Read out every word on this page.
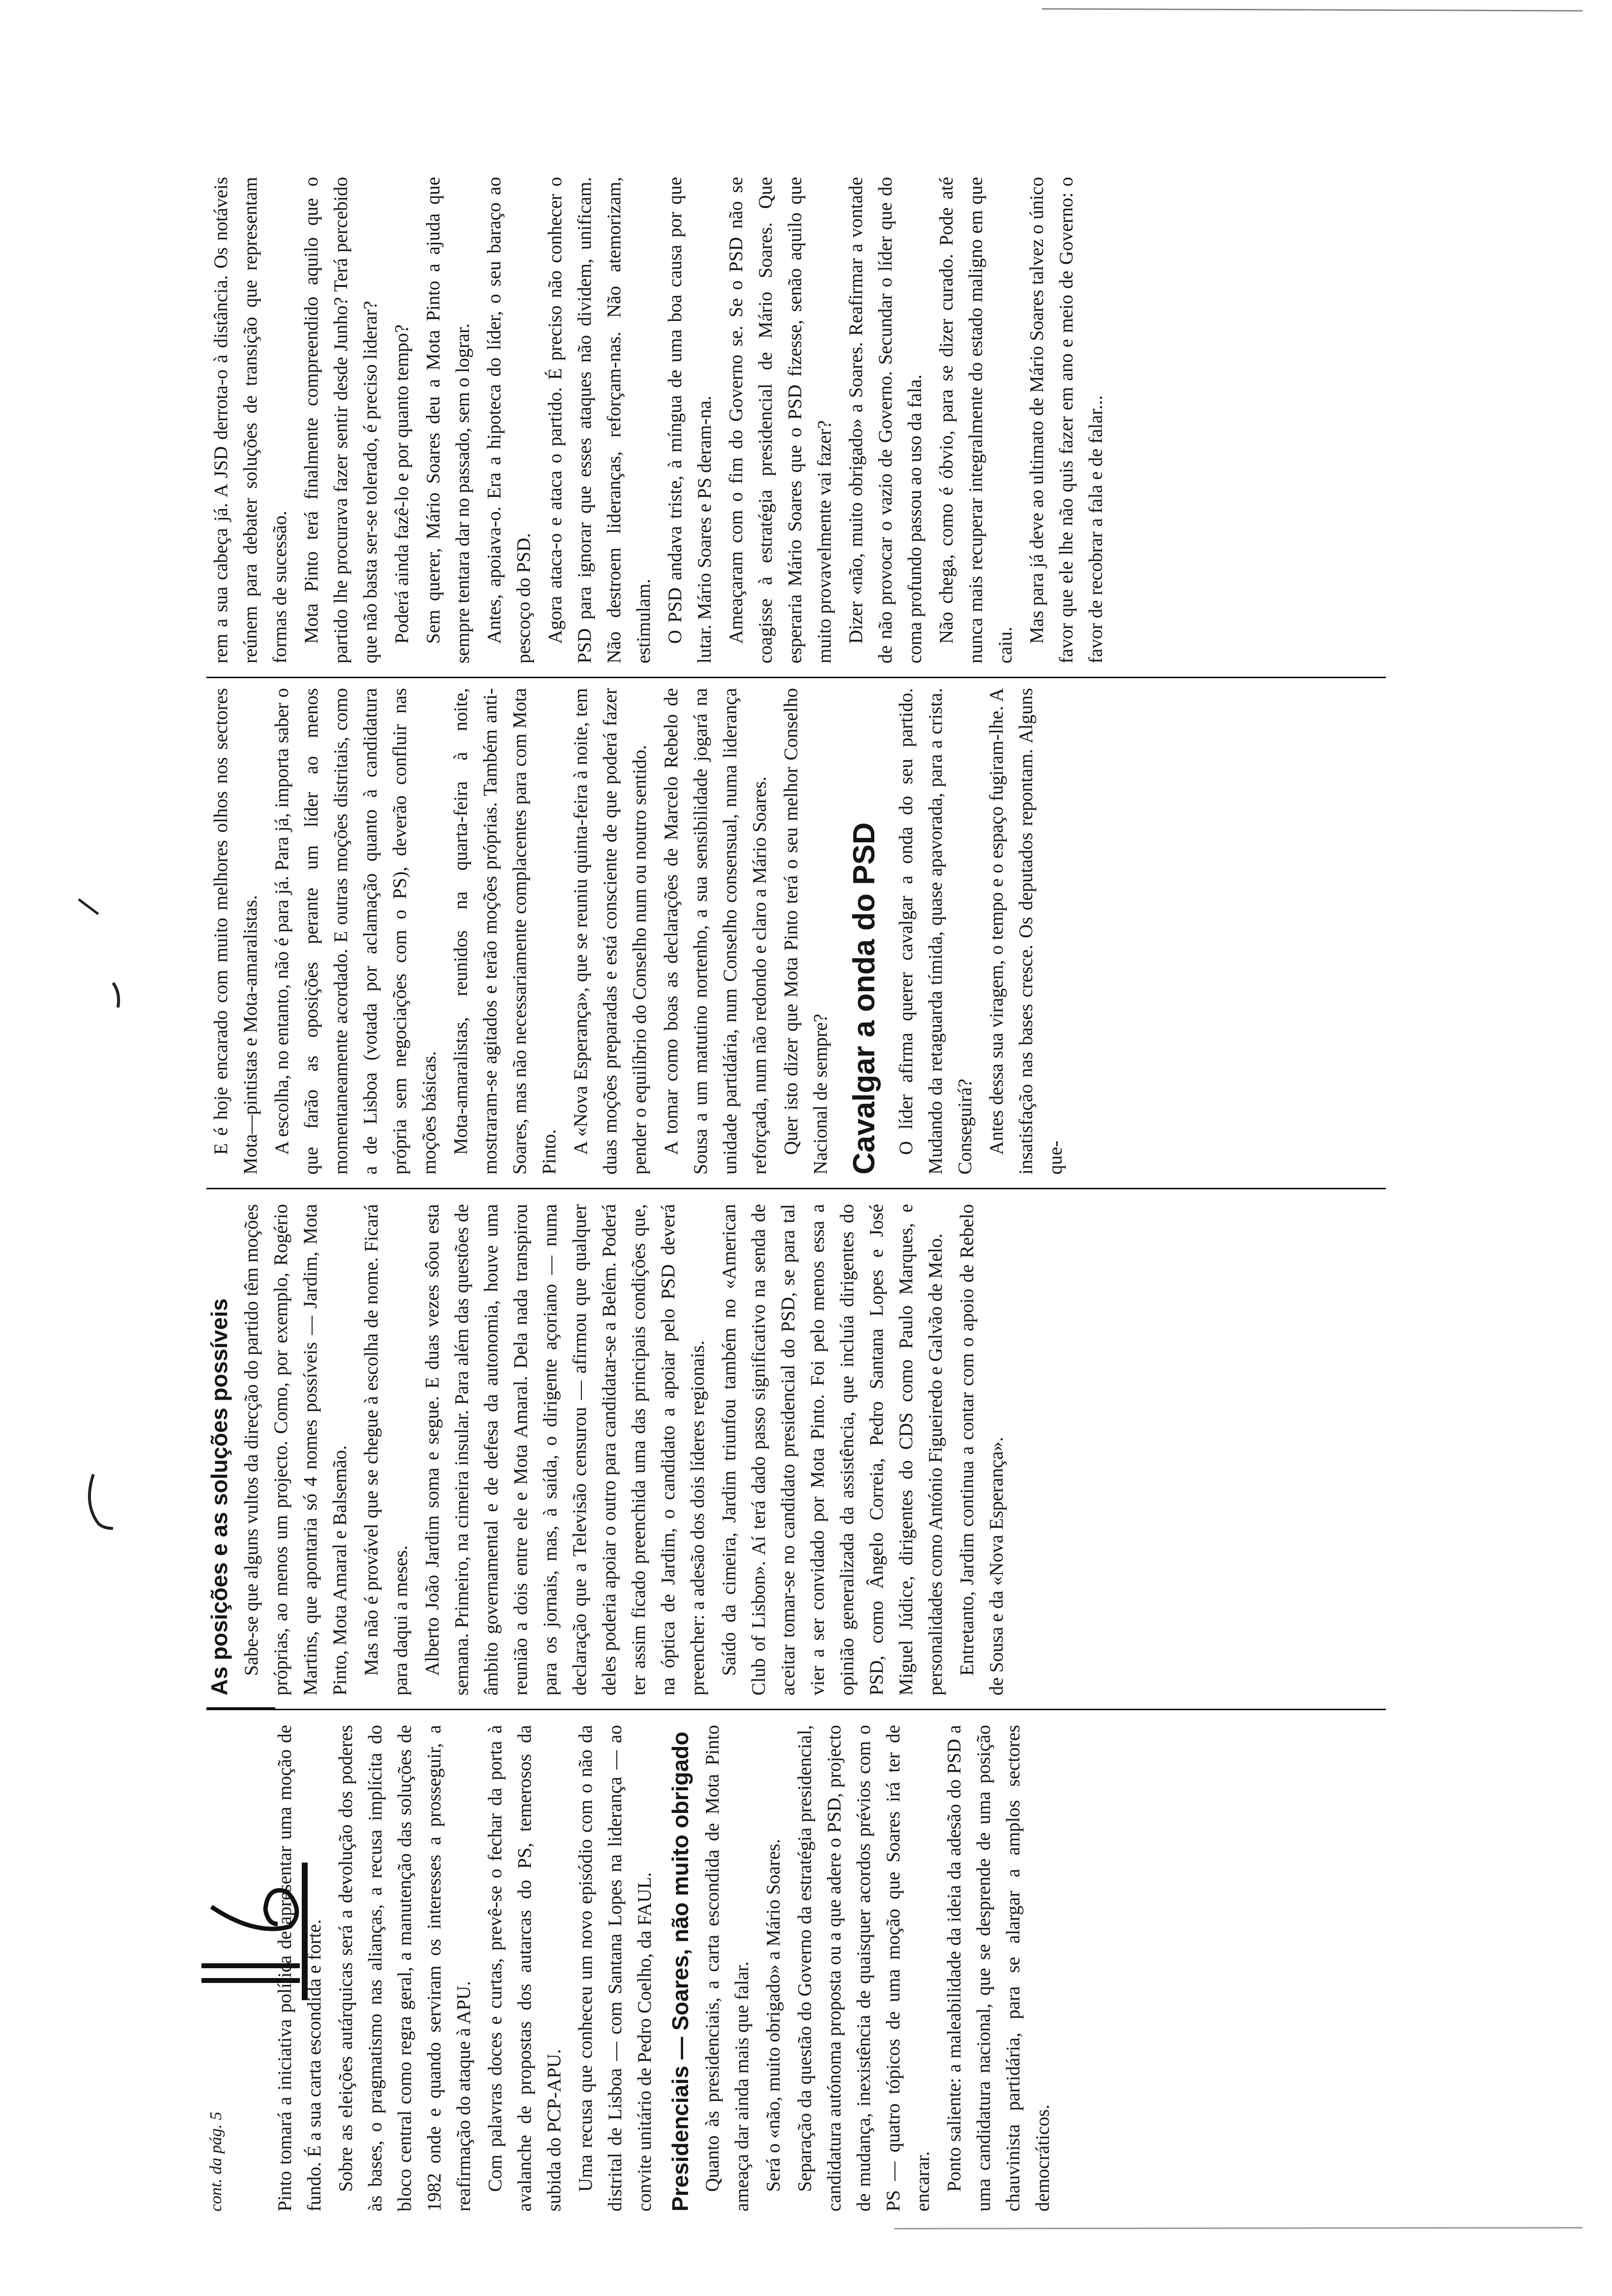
cont. da pág. 5	Pinto tomará a iniciativa política de apresentar uma moção de fundo. É a sua carta escondida e forte. Sobre as eleições autárquicas será a devolução dos poderes às bases, o pragmatismo nas alianças, a recusa implícita do bloco central como regra geral, a manutenção das soluções de 1982 onde e quando serviram os interesses a prosseguir, a reafirmação do ataque à APU. Com palavras doces e curtas, prevê-se o fechar da porta à avalanche de propostas dos autarcas do PS, temerosos da subida do PCP-APU. Uma recusa que conheceu um novo episódio com o não da distrital de Lisboa — com Santana Lopes na liderança — ao convite unitário de Pedro Coelho, da FAUL. Presidenciais — Soares, não muito obrigado Quanto às presidenciais, a carta escondida de Mota Pinto ameaça dar ainda mais que falar. Será o «não, muito obrigado» a Mário Soares. Separação da questão do Governo da estratégia presidencial, candidatura autónoma proposta ou a que adere o PSD, projecto de mudança, inexistência de quaisquer acordos prévios com o PS — quatro tópicos de uma moção que Soares irá ter de encarar. Ponto saliente: a maleabilidade da ideia da adesão do PSD a uma candidatura nacional, que se desprende de uma posição chauvinista partidária, para se alargar a amplos sectores democráticos.

As posições e as soluções possíveis Sabe-se que alguns vultos da direcção do partido têm moções próprias, ao menos um projecto. Como, por exemplo, Rogério Martins, que apontaria só 4 nomes possíveis — Jardim, Mota Pinto, Mota Amaral e Balsemão. Mas não é provável que se chegue à escolha de nome. Ficará para daqui a meses. Alberto João Jardim soma e segue. E duas vezes sôou esta semana. Primeiro, na cimeira insular. Para além das questões de âmbito governamental e de defesa da autonomia, houve uma reunião a dois entre ele e Mota Amaral. Dela nada transpirou para os jornais, mas, à saída, o dirigente açoriano — numa declaração que a Televisão censurou — afirmou que qualquer deles poderia apoiar o outro para candidatar-se a Belém. Poderá ter assim ficado preenchida uma das principais condições que, na óptica de Jardim, o candidato a apoiar pelo PSD deverá preencher: a adesão dos dois líderes regionais. Saído da cimeira, Jardim triunfou também no «American Club of Lisbon». Aí terá dado passo significativo na senda de aceitar tomar-se no candidato presidencial do PSD, se para tal vier a ser convidado por Mota Pinto. Foi pelo menos essa a opinião generalizada da assistência, que incluía dirigentes do PSD, como Ângelo Correia, Pedro Santana Lopes e José Miguel Júdice, dirigentes do CDS como Paulo Marques, e personalidades como António Figueiredo e Galvão de Melo. Entretanto, Jardim continua a contar com o apoio de Rebelo de Sousa e da «Nova Esperança».

E é hoje encarado com muito melhores olhos nos sectores Mota—pintistas e Mota-amaralistas. A escolha, no entanto, não é para já. Para já, importa saber o que farão as oposições perante um líder ao menos momentaneamente acordado. E outras moções distritais, como a de Lisboa (votada por aclamação quanto à candidatura própria sem negociações com o PS), deverão confluir nas moções básicas. Mota-amaralistas, reunidos na quarta-feira à noite, mostraram-se agitados e terão moções próprias. Também anti-Soares, mas não necessariamente complacentes para com Mota Pinto. A «Nova Esperança», que se reuniu quinta-feira à noite, tem duas moções preparadas e está consciente de que poderá fazer pender o equilíbrio do Conselho num ou noutro sentido. A tomar como boas as declarações de Marcelo Rebelo de Sousa a um matutino nortenho, a sua sensibilidade jogará na unidade partidária, num Conselho consensual, numa liderança reforçada, num não redondo e claro a Mário Soares. Quer isto dizer que Mota Pinto terá o seu melhor Conselho Nacional de sempre? Cavalgar a onda do PSD O líder afirma querer cavalgar a onda do seu partido. Mudando da retaguarda tímida, quase apavorada, para a crista. Conseguirá? Antes dessa sua viragem, o tempo e o espaço fugiram-lhe. A insatisfação nas bases cresce. Os deputados repontam. Alguns que-

rem a sua cabeça já. A JSD derrota-o à distância. Os notáveis reúnem para debater soluções de transição que representam formas de sucessão. Mota Pinto terá finalmente compreendido aquilo que o partido lhe procurava fazer sentir desde Junho? Terá percebido que não basta ser-se tolerado, é preciso liderar? Poderá ainda fazê-lo e por quanto tempo? Sem querer, Mário Soares deu a Mota Pinto a ajuda que sempre tentara dar no passado, sem o lograr. Antes, apoiava-o. Era a hipoteca do líder, o seu baraço ao pescoço do PSD. Agora ataca-o e ataca o partido. É preciso não conhecer o PSD para ignorar que esses ataques não dividem, unificam. Não destroem lideranças, reforçam-nas. Não atemorizam, estimulam. O PSD andava triste, à míngua de uma boa causa por que lutar. Mário Soares e PS deram-na. Ameaçaram com o fim do Governo se. Se o PSD não se coagisse à estratégia presidencial de Mário Soares. Que esperaria Mário Soares que o PSD fizesse, senão aquilo que muito provavelmente vai fazer? Dizer «não, muito obrigado» a Soares. Reafirmar a vontade de não provocar o vazio de Governo. Secundar o líder que do coma profundo passou ao uso da fala. Não chega, como é óbvio, para se dizer curado. Pode até nunca mais recuperar integralmente do estado maligno em que caiu.

Mas para já deve ao ultimato de Mário Soares talvez o único favor que ele lhe não quis fazer em ano e meio de Governo: o favor de recobrar a fala e de falar...
